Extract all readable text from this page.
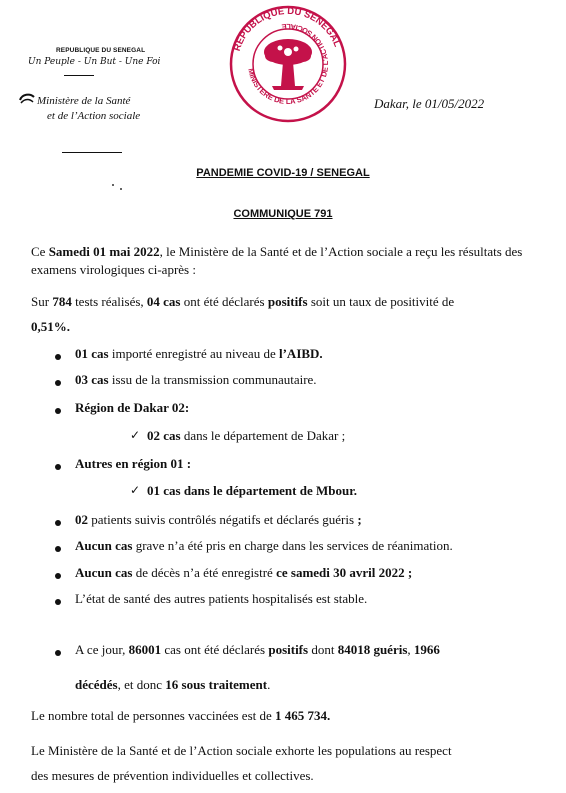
REPUBLIQUE DU SENEGAL
Un Peuple - Un But - Une Foi
Ministère de la Santé
et de l’Action sociale
REPUBLIQUE DU SENEGAL
MINISTERE DE LA SANTE ET DE L'ACTION SOCIALE
Dakar, le 01/05/2022
PANDEMIE COVID-19 / SENEGAL
COMMUNIQUE 791
Ce Samedi 01 mai 2022, le Ministère de la Santé et de l’Action sociale a reçu les résultats des examens virologiques ci-après :
Sur 784 tests réalisés, 04 cas ont été déclarés positifs soit un taux de positivité de
0,51%.
01 cas importé enregistré au niveau de l’AIBD.
03 cas issu de la transmission communautaire.
Région de Dakar 02:
✓ 02 cas dans le département de Dakar ;
Autres en région 01 :
✓ 01 cas dans le département de Mbour.
02 patients suivis contrôlés négatifs et déclarés guéris ;
Aucun cas grave n’a été pris en charge dans les services de réanimation.
Aucun cas de décès n’a été enregistré ce samedi 30 avril 2022 ;
L’état de santé des autres patients hospitalisés est stable.
A ce jour, 86001 cas ont été déclarés positifs dont 84018 guéris, 1966
décédés, et donc 16 sous traitement.
Le nombre total de personnes vaccinées est de 1 465 734.
Le Ministère de la Santé et de l’Action sociale exhorte les populations au respect
des mesures de prévention individuelles et collectives.
